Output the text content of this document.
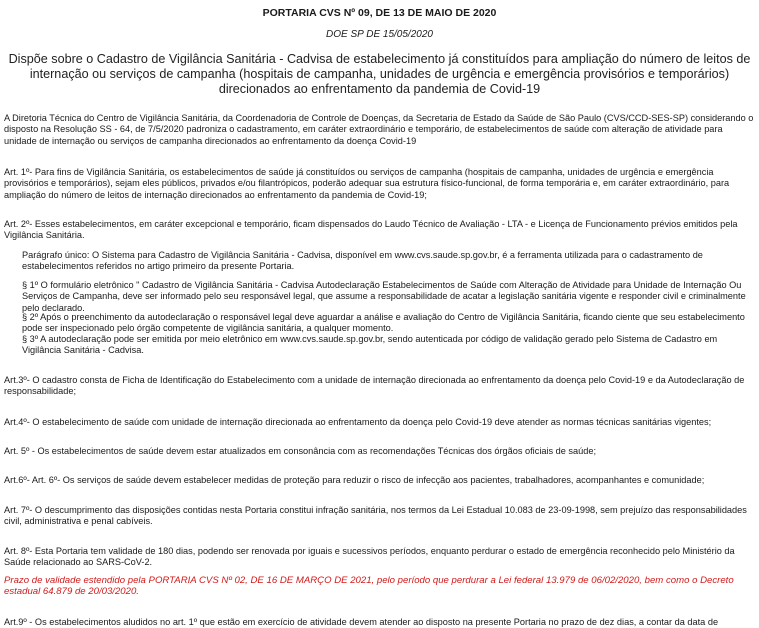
PORTARIA CVS Nº 09, DE 13 DE MAIO DE 2020
DOE SP DE 15/05/2020
Dispõe sobre o Cadastro de Vigilância Sanitária - Cadvisa de estabelecimento já constituídos para ampliação do número de leitos de internação ou serviços de campanha (hospitais de campanha, unidades de urgência e emergência provisórios e temporários) direcionados ao enfrentamento da pandemia de Covid-19
A Diretoria Técnica do Centro de Vigilância Sanitária, da Coordenadoria de Controle de Doenças, da Secretaria de Estado da Saúde de São Paulo (CVS/CCD-SES-SP) considerando o disposto na Resolução SS - 64, de 7/5/2020 padroniza o cadastramento, em caráter extraordinário e temporário, de estabelecimentos de saúde com alteração de atividade para unidade de internação ou serviços de campanha direcionados ao enfrentamento da doença Covid-19
Art. 1º- Para fins de Vigilância Sanitária, os estabelecimentos de saúde já constituídos ou serviços de campanha (hospitais de campanha, unidades de urgência e emergência provisórios e temporários), sejam eles públicos, privados e/ou filantrópicos, poderão adequar sua estrutura físico-funcional, de forma temporária e, em caráter extraordinário, para ampliação do número de leitos de internação direcionados ao enfrentamento da pandemia de Covid-19;
Art. 2º- Esses estabelecimentos, em caráter excepcional e temporário, ficam dispensados do Laudo Técnico de Avaliação - LTA - e Licença de Funcionamento prévios emitidos pela Vigilância Sanitária.
Parágrafo único: O Sistema para Cadastro de Vigilância Sanitária - Cadvisa, disponível em www.cvs.saude.sp.gov.br, é a ferramenta utilizada para o cadastramento de estabelecimentos referidos no artigo primeiro da presente Portaria.
§ 1º O formulário eletrônico " Cadastro de Vigilância Sanitária - Cadvisa Autodeclaração Estabelecimentos de Saúde com Alteração de Atividade para Unidade de Internação Ou Serviços de Campanha, deve ser informado pelo seu responsável legal, que assume a responsabilidade de acatar a legislação sanitária vigente e responder civil e criminalmente pelo declarado.
§ 2º Após o preenchimento da autodeclaração o responsável legal deve aguardar a análise e avaliação do Centro de Vigilância Sanitária, ficando ciente que seu estabelecimento pode ser inspecionado pelo órgão competente de vigilância sanitária, a qualquer momento.
§ 3º A autodeclaração pode ser emitida por meio eletrônico em www.cvs.saude.sp.gov.br, sendo autenticada por código de validação gerado pelo Sistema de Cadastro em Vigilância Sanitária - Cadvisa.
Art.3º- O cadastro consta de Ficha de Identificação do Estabelecimento com a unidade de internação direcionada ao enfrentamento da doença pelo Covid-19 e da Autodeclaração de responsabilidade;
Art.4º- O estabelecimento de saúde com unidade de internação direcionada ao enfrentamento da doença pelo Covid-19 deve atender as normas técnicas sanitárias vigentes;
Art. 5º - Os estabelecimentos de saúde devem estar atualizados em consonância com as recomendações Técnicas dos órgãos oficiais de saúde;
Art.6º- Art. 6º- Os serviços de saúde devem estabelecer medidas de proteção para reduzir o risco de infecção aos pacientes, trabalhadores, acompanhantes e comunidade;
Art. 7º- O descumprimento das disposições contidas nesta Portaria constitui infração sanitária, nos termos da Lei Estadual 10.083 de 23-09-1998, sem prejuízo das responsabilidades civil, administrativa e penal cabíveis.
Art. 8º- Esta Portaria tem validade de 180 dias, podendo ser renovada por iguais e sucessivos períodos, enquanto perdurar o estado de emergência reconhecido pelo Ministério da Saúde relacionado ao SARS-CoV-2.
Prazo de validade estendido pela PORTARIA CVS Nº 02, DE 16 DE MARÇO DE 2021, pelo período que perdurar a Lei federal 13.979 de 06/02/2020, bem como o Decreto estadual 64.879 de 20/03/2020.
Art.9º - Os estabelecimentos aludidos no art. 1º que estão em exercício de atividade devem atender ao disposto na presente Portaria no prazo de dez dias, a contar da data de
